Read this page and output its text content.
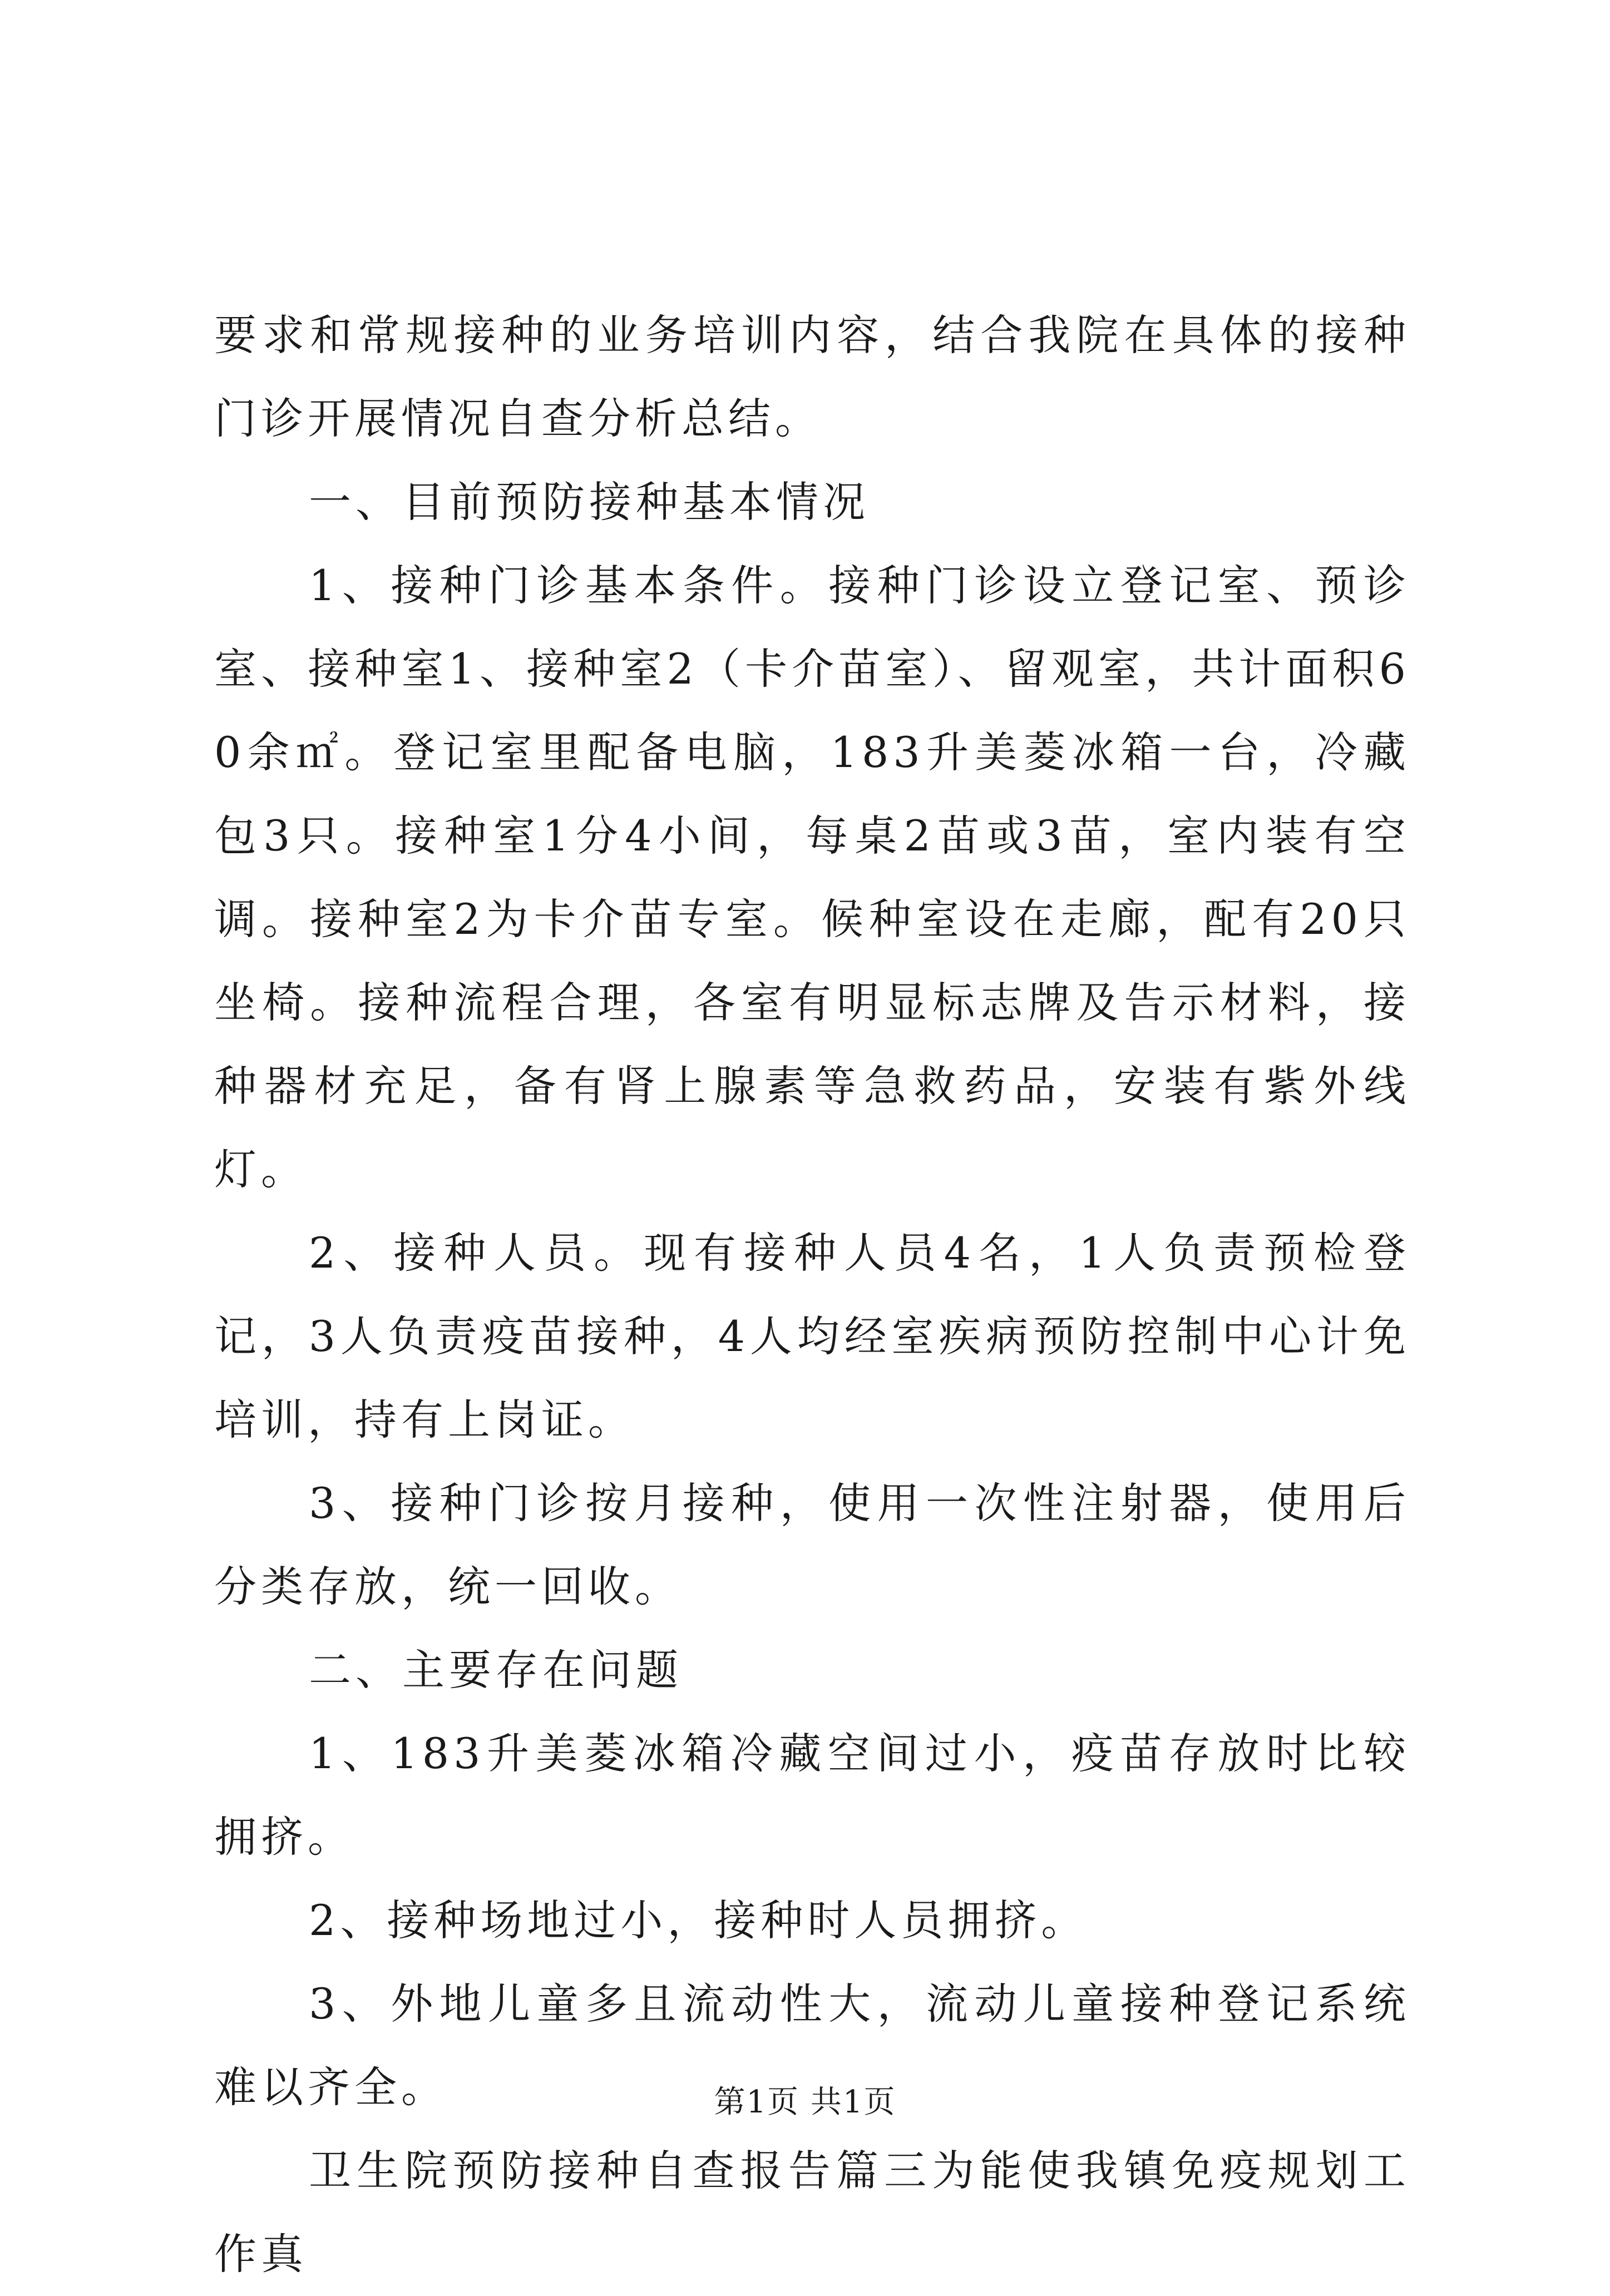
要求和常规接种的业务培训内容，结合我院在具体的接种门诊开展情况自查分析总结。

一、目前预防接种基本情况

1、接种门诊基本条件。接种门诊设立登记室、预诊室、接种室1、接种室2（卡介苗室）、留观室，共计面积60余㎡。登记室里配备电脑，183升美菱冰箱一台，冷藏包3只。接种室1分4小间，每桌2苗或3苗，室内装有空调。接种室2为卡介苗专室。候种室设在走廊，配有20只坐椅。接种流程合理，各室有明显标志牌及告示材料，接种器材充足，备有肾上腺素等急救药品，安装有紫外线灯。

2、接种人员。现有接种人员4名，1人负责预检登记，3人负责疫苗接种，4人均经室疾病预防控制中心计免培训，持有上岗证。

3、接种门诊按月接种，使用一次性注射器，使用后分类存放，统一回收。

二、主要存在问题

1、183升美菱冰箱冷藏空间过小，疫苗存放时比较拥挤。

2、接种场地过小，接种时人员拥挤。

3、外地儿童多且流动性大，流动儿童接种登记系统难以齐全。

卫生院预防接种自查报告篇三为能使我镇免疫规划工作真

第1页 共1页
